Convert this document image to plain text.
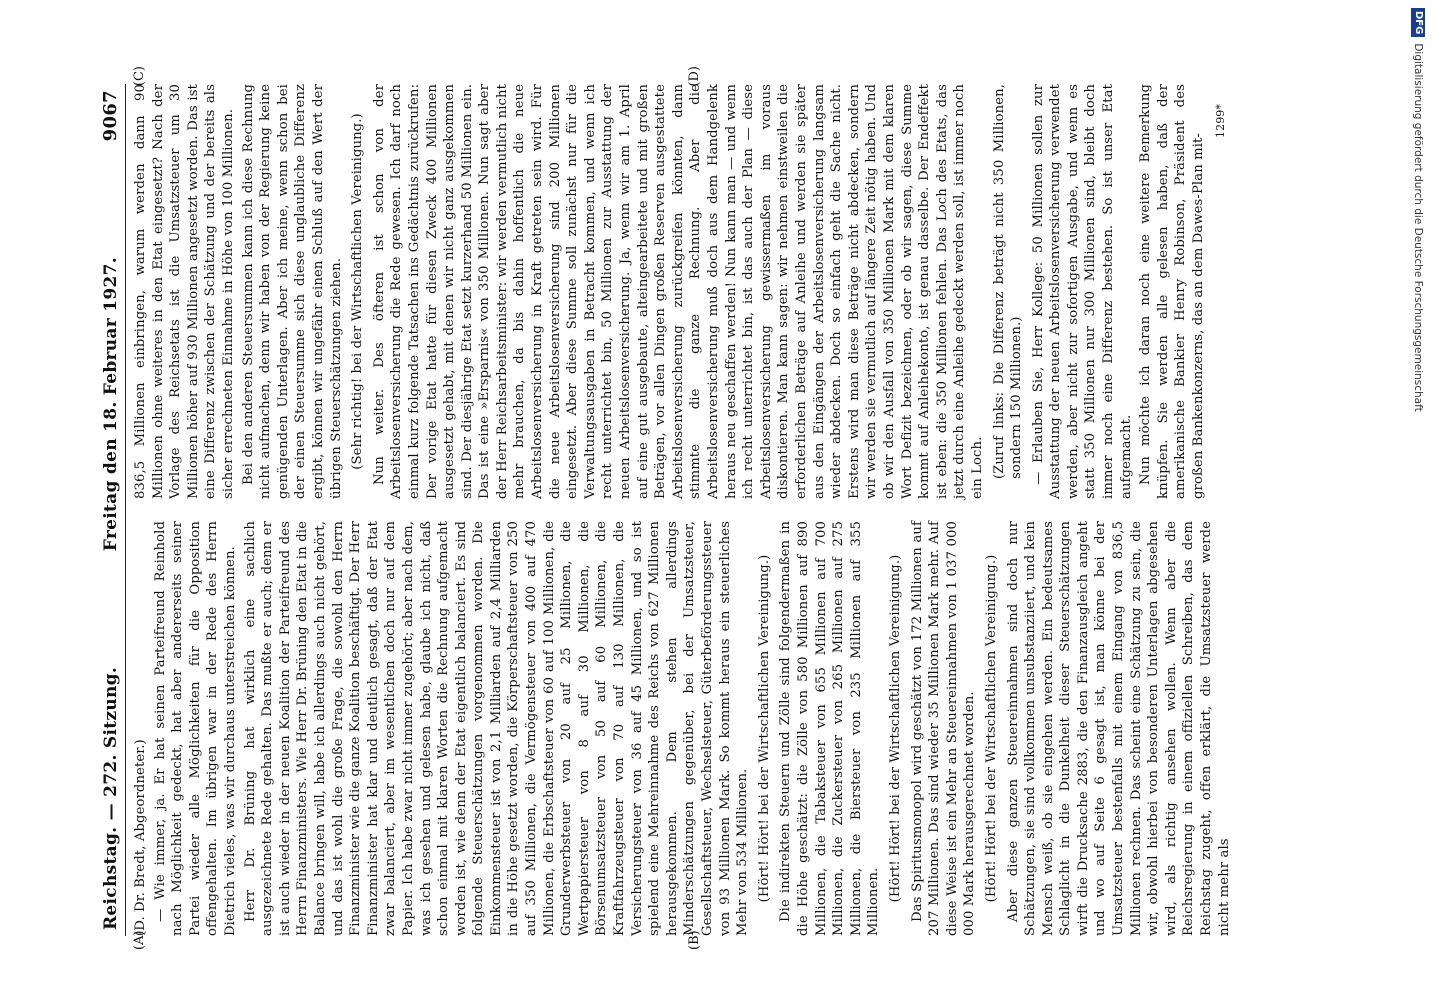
Reichstag. — 272. Sitzung.
Freitag den 18. Februar 1927.
9067
(A)	(B)
(C)	(D)

(D. Dr. Bredt, Abgeordneter.) — Wie immer, ja. Er hat seinen Parteifreund Reinhold nach Möglichkeit gedeckt, hat aber andererseits seiner Partei wieder alle Möglichkeiten für die Opposition offengehalten. Im übrigen war in der Rede des Herrn Dietrich vieles, was wir durchaus unterstreichen können. Herr Dr. Brüning hat wirklich eine sachlich ausgezeichnete Rede gehalten. Das mußte er auch; denn er ist auch wieder in der neuen Koalition der Parteifreund des Herrn Finanzministers. Wie Herr Dr. Brüning den Etat in die Balance bringen will, habe ich allerdings auch nicht gehört, und das ist wohl die große Frage, die sowohl den Herrn Finanzminister wie die ganze Koalition beschäftigt. Der Herr Finanzminister hat klar und deutlich gesagt, daß der Etat zwar balanciert, aber im wesentlichen doch nur auf dem Papier. Ich habe zwar nicht immer zugehört; aber nach dem, was ich gesehen und gelesen habe, glaube ich nicht, daß schon einmal mit klaren Worten die Rechnung aufgemacht worden ist, wie denn der Etat eigentlich balanciert. Es sind folgende Steuerschätzungen vorgenommen worden. Die Einkommensteuer ist von 2,1 Milliarden auf 2,4 Milliarden in die Höhe gesetzt worden, die Körperschaftsteuer von 250 auf 350 Millionen, die Vermögensteuer von 400 auf 470 Millionen, die Erbschaftsteuer von 60 auf 100 Millionen, die Grunderwerbsteuer von 20 auf 25 Millionen, die Wertpapiersteuer von 8 auf 30 Millionen, die Börsenumsatzsteuer von 50 auf 60 Millionen, die Kraftfahrzeugsteuer von 70 auf 130 Millionen, die Versicherungsteuer von 36 auf 45 Millionen, und so ist spielend eine Mehreinnahme des Reichs von 627 Millionen herausgekommen. Dem stehen allerdings Minderschätzungen gegenüber, bei der Umsatzsteuer, Gesellschaftsteuer, Wechselsteuer, Güterbeförderungssteuer von 93 Millionen Mark. So kommt heraus ein steuerliches Mehr von 534 Millionen. (Hört! Hört! bei der Wirtschaftlichen Vereinigung.) Die indirekten Steuern und Zölle sind folgendermaßen in die Höhe geschätzt: die Zölle von 580 Millionen auf 890 Millionen, die Tabaksteuer von 655 Millionen auf 700 Millionen, die Zuckersteuer von 265 Millionen auf 275 Millionen, die Biersteuer von 235 Millionen auf 355 Millionen. (Hört! Hört! bei der Wirtschaftlichen Vereinigung.) Das Spiritusmonopol wird geschätzt von 172 Millionen auf 207 Millionen. Das sind wieder 35 Millionen Mark mehr. Auf diese Weise ist ein Mehr an Steuereinnahmen von 1 037 000 000 Mark herausgerechnet worden. (Hört! Hört! bei der Wirtschaftlichen Vereinigung.) Aber diese ganzen Steuereinnahmen sind doch nur Schätzungen, sie sind vollkommen unsubstanziiert, und kein Mensch weiß, ob sie eingehen werden. Ein bedeutsames Schlaglicht in die Dunkelheit dieser Steuerschätzungen wirft die Drucksache 2883, die den Finanzausgleich angeht und wo auf Seite 6 gesagt ist, man könne bei der Umsatzsteuer bestenfalls mit einem Eingang von 836,5 Millionen rechnen. Das scheint eine Schätzung zu sein, die wir, obwohl hierbei von besonderen Unterlagen abgesehen wird, als richtig ansehen wollen. Wenn aber die Reichsregierung in einem offiziellen Schreiben, das dem Reichstag zugeht, offen erklärt, die Umsatzsteuer werde nicht mehr als

836,5 Millionen einbringen, warum werden dann 90 Millionen ohne weiteres in den Etat eingesetzt? Nach der Vorlage des Reichsetats ist die Umsatzsteuer um 30 Millionen höher auf 930 Millionen angesetzt worden. Das ist eine Differenz zwischen der Schätzung und der bereits als sicher errechneten Einnahme in Höhe von 100 Millionen. Bei den anderen Steuersummen kann ich diese Rechnung nicht aufmachen, denn wir haben von der Regierung keine genügenden Unterlagen. Aber ich meine, wenn schon bei der einen Steuersumme sich diese unglaubliche Differenz ergibt, können wir ungefähr einen Schluß auf den Wert der übrigen Steuerschätzungen ziehen. (Sehr richtig! bei der Wirtschaftlichen Vereinigung.) Nun weiter. Des öfteren ist schon von der Arbeitslosenversicherung die Rede gewesen. Ich darf noch einmal kurz folgende Tatsachen ins Gedächtnis zurückrufen: Der vorige Etat hatte für diesen Zweck 400 Millionen ausgesetzt gehabt, mit denen wir nicht ganz ausgekommen sind. Der diesjährige Etat setzt kurzerhand 50 Millionen ein. Das ist eine »Ersparnis« von 350 Millionen. Nun sagt aber der Herr Reichsarbeitsminister: wir werden vermutlich nicht mehr brauchen, da bis dahin hoffentlich die neue Arbeitslosenversicherung in Kraft getreten sein wird. Für die neue Arbeitslosenversicherung sind 200 Millionen eingesetzt. Aber diese Summe soll zunächst nur für die Verwaltungsausgaben in Betracht kommen, und wenn ich recht unterrichtet bin, 50 Millionen zur Ausstattung der neuen Arbeitslosenversicherung. Ja, wenn wir am 1. April auf eine gut ausgebaute, alteingearbeitete und mit großen Beträgen, vor allen Dingen großen Reserven ausgestattete Arbeitslosenversicherung zurückgreifen könnten, dann stimmte die ganze Rechnung. Aber die Arbeitslosenversicherung muß doch aus dem Handgelenk heraus neu geschaffen werden! Nun kann man — und wenn ich recht unterrichtet bin, ist das auch der Plan — diese Arbeitslosenversicherung gewissermaßen im voraus diskontieren. Man kann sagen: wir nehmen einstweilen die erforderlichen Beträge auf Anleihe und werden sie später aus den Eingängen der Arbeitslosenversicherung langsam wieder abdecken. Doch so einfach geht die Sache nicht. Erstens wird man diese Beträge nicht abdecken, sondern wir werden sie vermutlich auf längere Zeit nötig haben. Und ob wir den Ausfall von 350 Millionen Mark mit dem klaren Wort Defizit bezeichnen, oder ob wir sagen, diese Summe kommt auf Anleihekonto, ist genau dasselbe. Der Endeffekt ist eben: die 350 Millionen fehlen. Das Loch des Etats, das jetzt durch eine Anleihe gedeckt werden soll, ist immer noch ein Loch. (Zuruf links: Die Differenz beträgt nicht 350 Millionen, sondern 150 Millionen.) — Erlauben Sie, Herr Kollege: 50 Millionen sollen zur Ausstattung der neuen Arbeitslosenversicherung verwendet werden, aber nicht zur sofortigen Ausgabe, und wenn es statt 350 Millionen nur 300 Millionen sind, bleibt doch immer noch eine Differenz bestehen. So ist unser Etat aufgemacht. Nun möchte ich daran noch eine weitere Bemerkung knüpfen. Sie werden alle gelesen haben, daß der amerikanische Bankier Henry Robinson, Präsident des großen Bankenkonzerns, das an dem Dawes-Plan mit-

1299*
DFG
Digitalisierung gefördert durch die Deutsche Forschungsgemeinschaft
